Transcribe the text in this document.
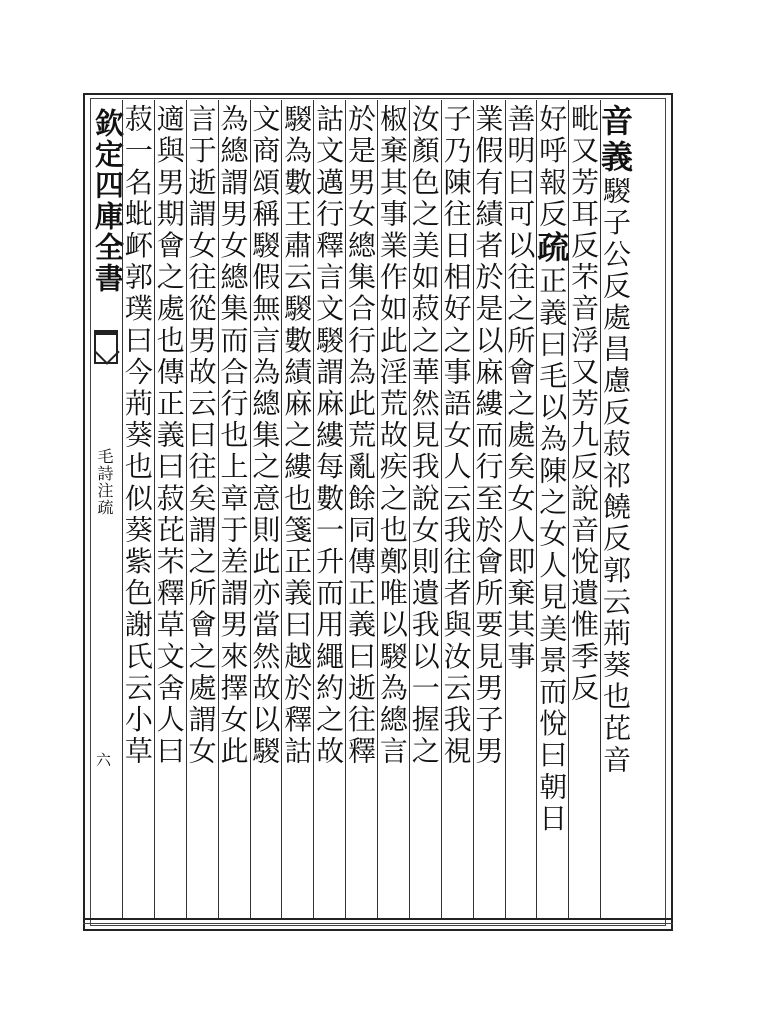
欽定四庫全書
毛詩注疏
六
音義騣子公反處昌慮反菽祁饒反郭云荊葵也芘音
毗又芳耳反芣音浮又芳九反說音悅遺惟季反
好呼報反疏正義曰毛以為陳之女人見美景而悅曰朝日
善明曰可以往之所會之處矣女人即棄其事
業假有績者於是以麻縷而行至於會所要見男子男
子乃陳往日相好之事語女人云我往者與汝云我視
汝顏色之美如菽之華然見我說女則遺我以一握之
椒棄其事業作如此淫荒故疾之也鄭唯以騣為總言
於是男女總集合行為此荒亂餘同傳正義曰逝往釋
詁文邁行釋言文騣謂麻縷每數一升而用繩約之故
騣為數王肅云騣數績麻之縷也箋正義曰越於釋詁
文商頌稱騣假無言為總集之意則此亦當然故以騣
為總謂男女總集而合行也上章于差謂男來擇女此
言于逝謂女往從男故云曰往矣謂之所會之處謂女
適與男期會之處也傳正義曰菽芘芣釋草文舍人曰
菽一名蚍衃郭璞曰今荊葵也似葵紫色謝氏云小草
